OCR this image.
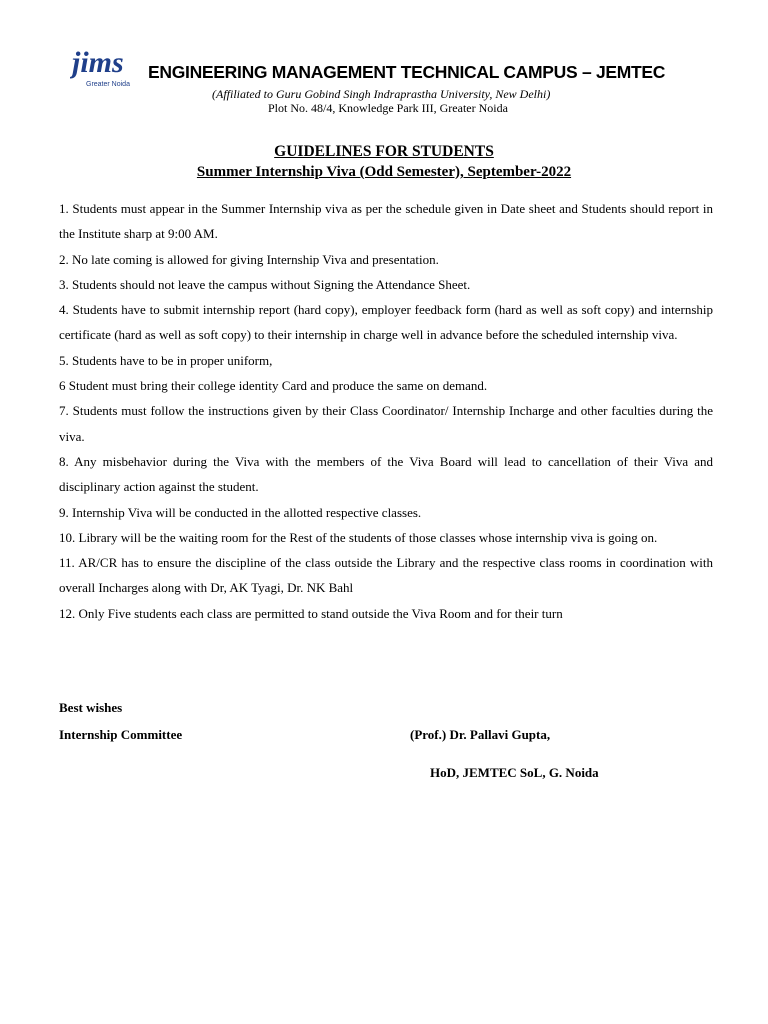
jims
Greater Noida
ENGINEERING MANAGEMENT TECHNICAL CAMPUS – JEMTEC
(Affiliated to Guru Gobind Singh Indraprastha University, New Delhi)
Plot No. 48/4, Knowledge Park III, Greater Noida
GUIDELINES FOR STUDENTS
Summer Internship Viva (Odd Semester), September-2022
1. Students must appear in the Summer Internship viva as per the schedule given in Date sheet and Students should report in the Institute sharp at 9:00 AM.
2. No late coming is allowed for giving Internship Viva and presentation.
3. Students should not leave the campus without Signing the Attendance Sheet.
4. Students have to submit internship report (hard copy), employer feedback form (hard as well as soft copy) and internship certificate (hard as well as soft copy) to their internship in charge well in advance before the scheduled internship viva.
5. Students have to be in proper uniform,
6 Student must bring their college identity Card and produce the same on demand.
7. Students must follow the instructions given by their Class Coordinator/ Internship Incharge and other faculties during the viva.
8. Any misbehavior during the Viva with the members of the Viva Board will lead to cancellation of their Viva and disciplinary action against the student.
9. Internship Viva will be conducted in the allotted respective classes.
10. Library will be the waiting room for the Rest of the students of those classes whose internship viva is going on.
11. AR/CR has to ensure the discipline of the class outside the Library and the respective class rooms in coordination with overall Incharges along with Dr, AK Tyagi, Dr. NK Bahl
12. Only Five students each class are permitted to stand outside the Viva Room and for their turn
Best wishes
Internship Committee	(Prof.) Dr. Pallavi Gupta,
HoD, JEMTEC SoL, G. Noida
